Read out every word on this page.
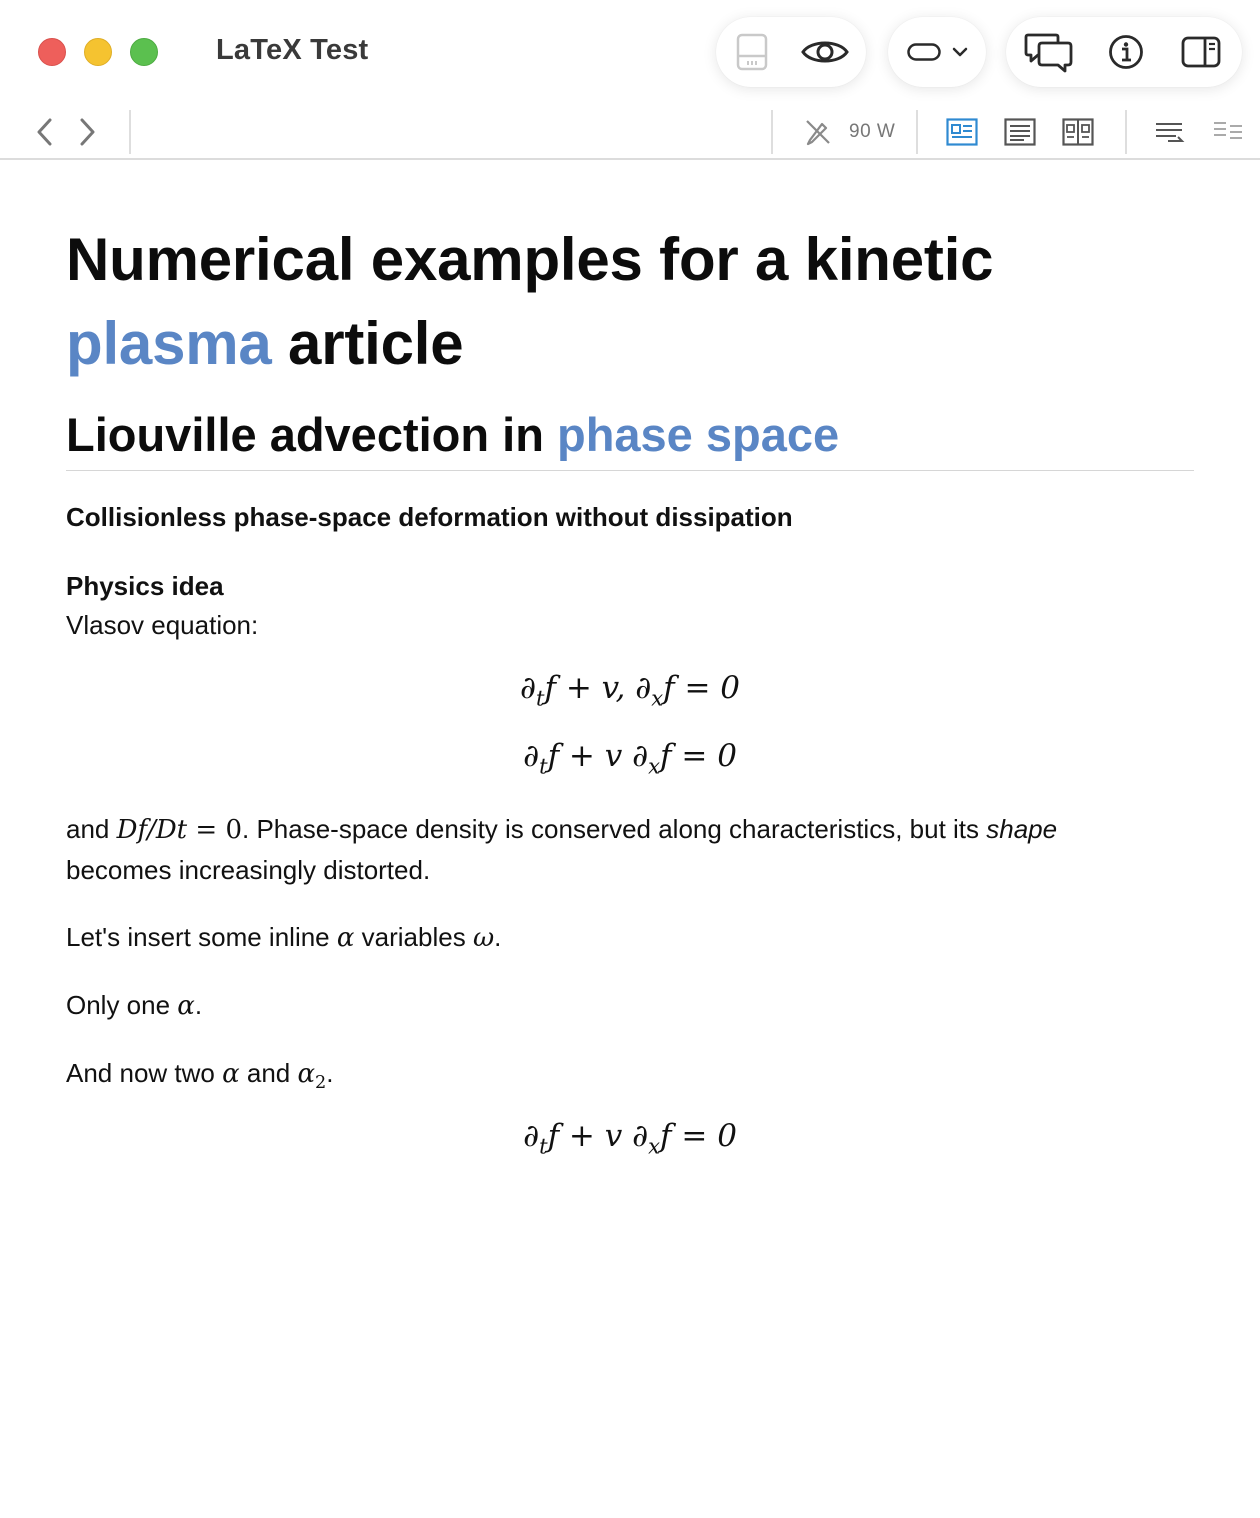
LaTeX Test
90 W
Numerical examples for a kinetic
plasma article
Liouville advection in phase space
Collisionless phase-space deformation without dissipation
Physics idea
Vlasov equation:
$\partial_tf + v$, $\partial_xf = 0$
$\partial_tf + v$ $\partial_xf = 0$
and Df/Dt = 0. Phase-space density is conserved along characteristics, but its shape
becomes increasingly distorted.
Let's insert some inline α variables ω.
Only one α.
And now two α and $\alpha_2$.
$\partial_tf + v$ $\partial_xf = 0$
